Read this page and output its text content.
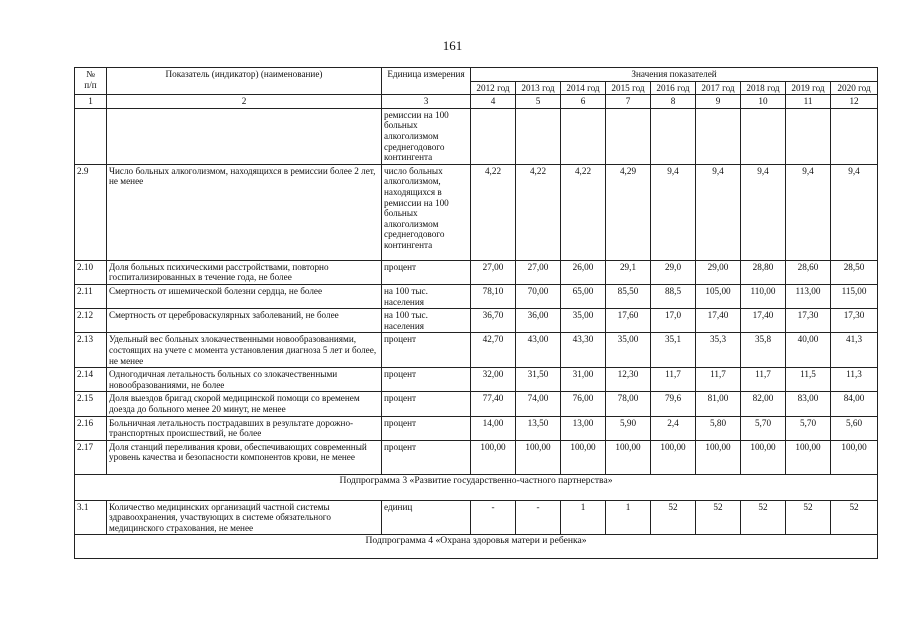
161
№
п/п	Показатель (индикатор) (наименование)	Единица измерения	Значения показателей								
			2012 год	2013 год	2014 год	2015 год	2016 год	2017 год	2018 год	2019 год	2020 год
1	2	3	4	5	6	7	8	9	10	11	12
		ремиссии на 100 больных алкоголизмом среднегодового контингента									
2.9	Число больных алкоголизмом, находящихся в ремиссии более 2 лет, не менее	число больных алкоголизмом, находящихся в ремиссии на 100 больных алкоголизмом среднегодового контингента	4,22	4,22	4,22	4,29	9,4	9,4	9,4	9,4	9,4
2.10	Доля больных психическими расстройствами, повторно госпитализированных в течение года, не более	процент	27,00	27,00	26,00	29,1	29,0	29,00	28,80	28,60	28,50
2.11	Смертность от ишемической болезни сердца, не более	на 100 тыс. населения	78,10	70,00	65,00	85,50	88,5	105,00	110,00	113,00	115,00
2.12	Смертность от цереброваскулярных заболеваний, не более	на 100 тыс. населения	36,70	36,00	35,00	17,60	17,0	17,40	17,40	17,30	17,30
2.13	Удельный вес больных злокачественными новообразованиями, состоящих на учете с момента установления диагноза 5 лет и более, не менее	процент	42,70	43,00	43,30	35,00	35,1	35,3	35,8	40,00	41,3
2.14	Одногодичная летальность больных со злокачественными новообразованиями, не более	процент	32,00	31,50	31,00	12,30	11,7	11,7	11,7	11,5	11,3
2.15	Доля выездов бригад скорой медицинской помощи со временем доезда до больного менее 20 минут, не менее	процент	77,40	74,00	76,00	78,00	79,6	81,00	82,00	83,00	84,00
2.16	Больничная летальность пострадавших в результате дорожно-транспортных происшествий, не более	процент	14,00	13,50	13,00	5,90	2,4	5,80	5,70	5,70	5,60
2.17	Доля станций переливания крови, обеспечивающих современный уровень качества и безопасности компонентов крови, не менее	процент	100,00	100,00	100,00	100,00	100,00	100,00	100,00	100,00	100,00
Подпрограмма 3 «Развитие государственно-частного партнерства»											
3.1	Количество медицинских организаций частной системы здравоохранения, участвующих в системе обязательного медицинского страхования, не менее	единиц	-	-	1	1	52	52	52	52	52
Подпрограмма 4 «Охрана здоровья матери и ребенка»											
